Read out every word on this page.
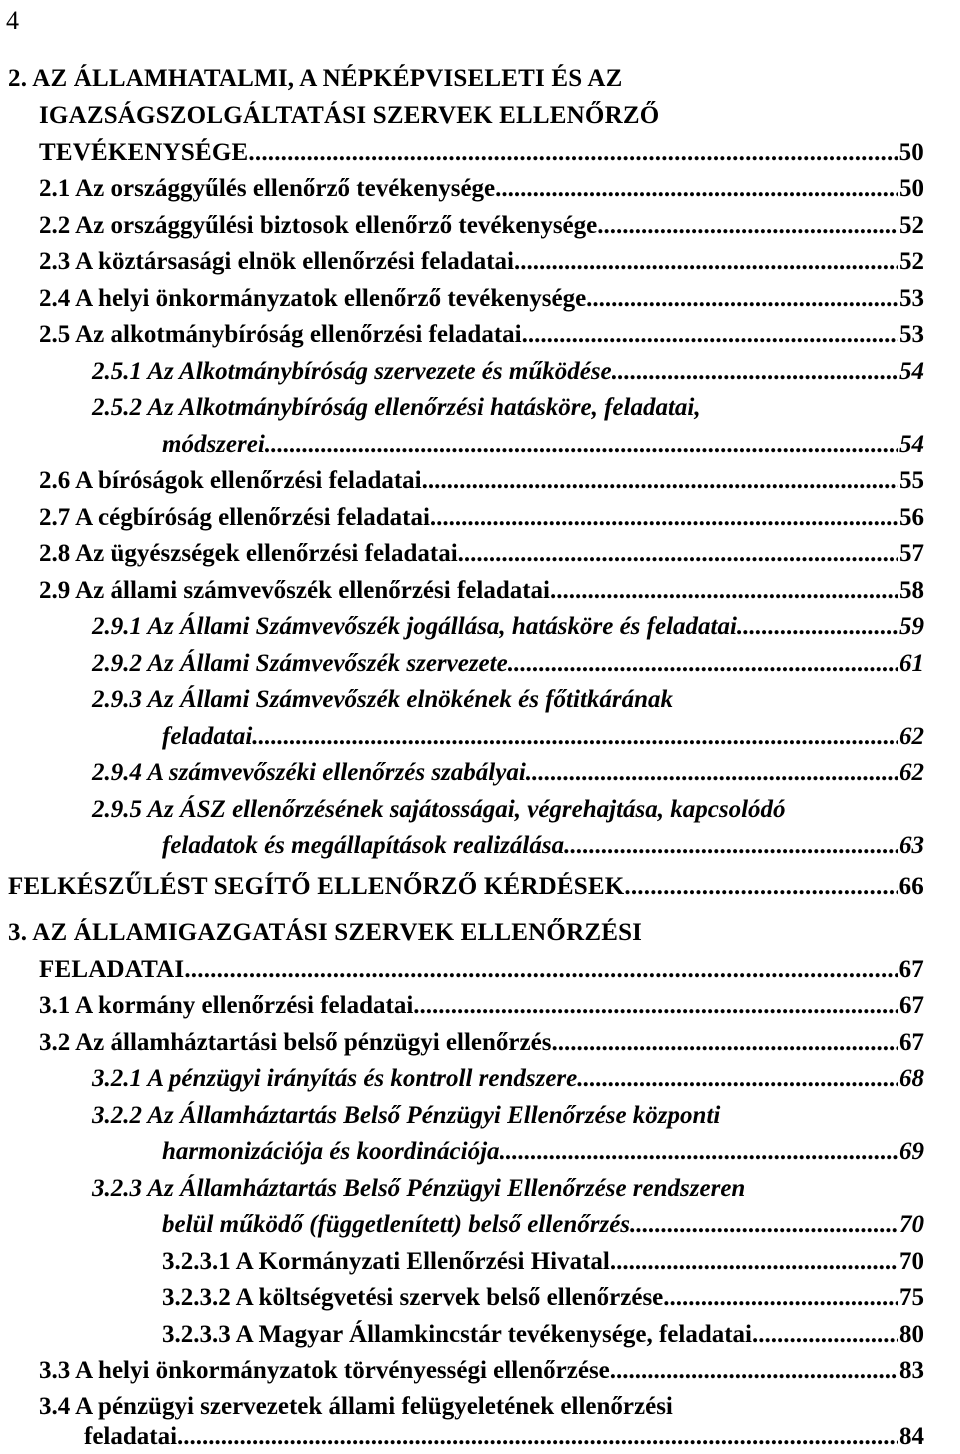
4
2. AZ ÁLLAMHATALMI, A NÉPKÉPVISELETI ÉS AZ
IGAZSÁGSZOLGÁLTATÁSI SZERVEK ELLENŐRZŐ
TEVÉKENYSÉGE .....	50
2.1 Az országgyűlés ellenőrző tevékenysége. .....	50
2.2 Az országgyűlési biztosok ellenőrző tevékenysége .....	52
2.3 A köztársasági elnök ellenőrzési feladatai .....	52
2.4 A helyi önkormányzatok ellenőrző tevékenysége .....	53
2.5 Az alkotmánybíróság ellenőrzési feladatai .....	53
2.5.1 Az Alkotmánybíróság szervezete és működése .....	54
2.5.2 Az Alkotmánybíróság ellenőrzési hatásköre, feladatai,
módszerei .....	54
2.6 A bíróságok ellenőrzési feladatai .....	55
2.7 A cégbíróság ellenőrzési feladatai .....	56
2.8 Az ügyészségek ellenőrzési feladatai. .....	57
2.9 Az állami számvevőszék ellenőrzési feladatai .....	58
2.9.1 Az Állami Számvevőszék jogállása, hatásköre és feladatai .....	59
2.9.2 Az Állami Számvevőszék szervezete .....	61
2.9.3 Az Állami Számvevőszék elnökének és főtitkárának
feladatai .....	62
2.9.4 A számvevőszéki ellenőrzés szabályai .....	62
2.9.5 Az ÁSZ ellenőrzésének sajátosságai, végrehajtása, kapcsolódó
feladatok és megállapítások realizálása .....	63
FELKÉSZŰLÉST SEGÍTŐ ELLENŐRZŐ KÉRDÉSEK .....	66
3. AZ ÁLLAMIGAZGATÁSI SZERVEK ELLENŐRZÉSI
FELADATAI .....	67
3.1 A kormány ellenőrzési feladatai. .....	67
3.2 Az államháztartási belső pénzügyi ellenőrzés .....	67
3.2.1 A pénzügyi irányítás és kontroll rendszere .....	68
3.2.2 Az Államháztartás Belső Pénzügyi Ellenőrzése központi
harmonizációja és koordinációja .....	69
3.2.3 Az Államháztartás Belső Pénzügyi Ellenőrzése rendszeren
belül működő (függetlenített) belső ellenőrzés .....	70
3.2.3.1 A Kormányzati Ellenőrzési Hivatal .....	70
3.2.3.2 A költségvetési szervek belső ellenőrzése .....	75
3.2.3.3 A Magyar Államkincstár tevékenysége, feladatai .....	80
3.3 A helyi önkormányzatok törvényességi ellenőrzése .....	83
3.4 A pénzügyi szervezetek állami felügyeletének ellenőrzési
feladatai .....	84
